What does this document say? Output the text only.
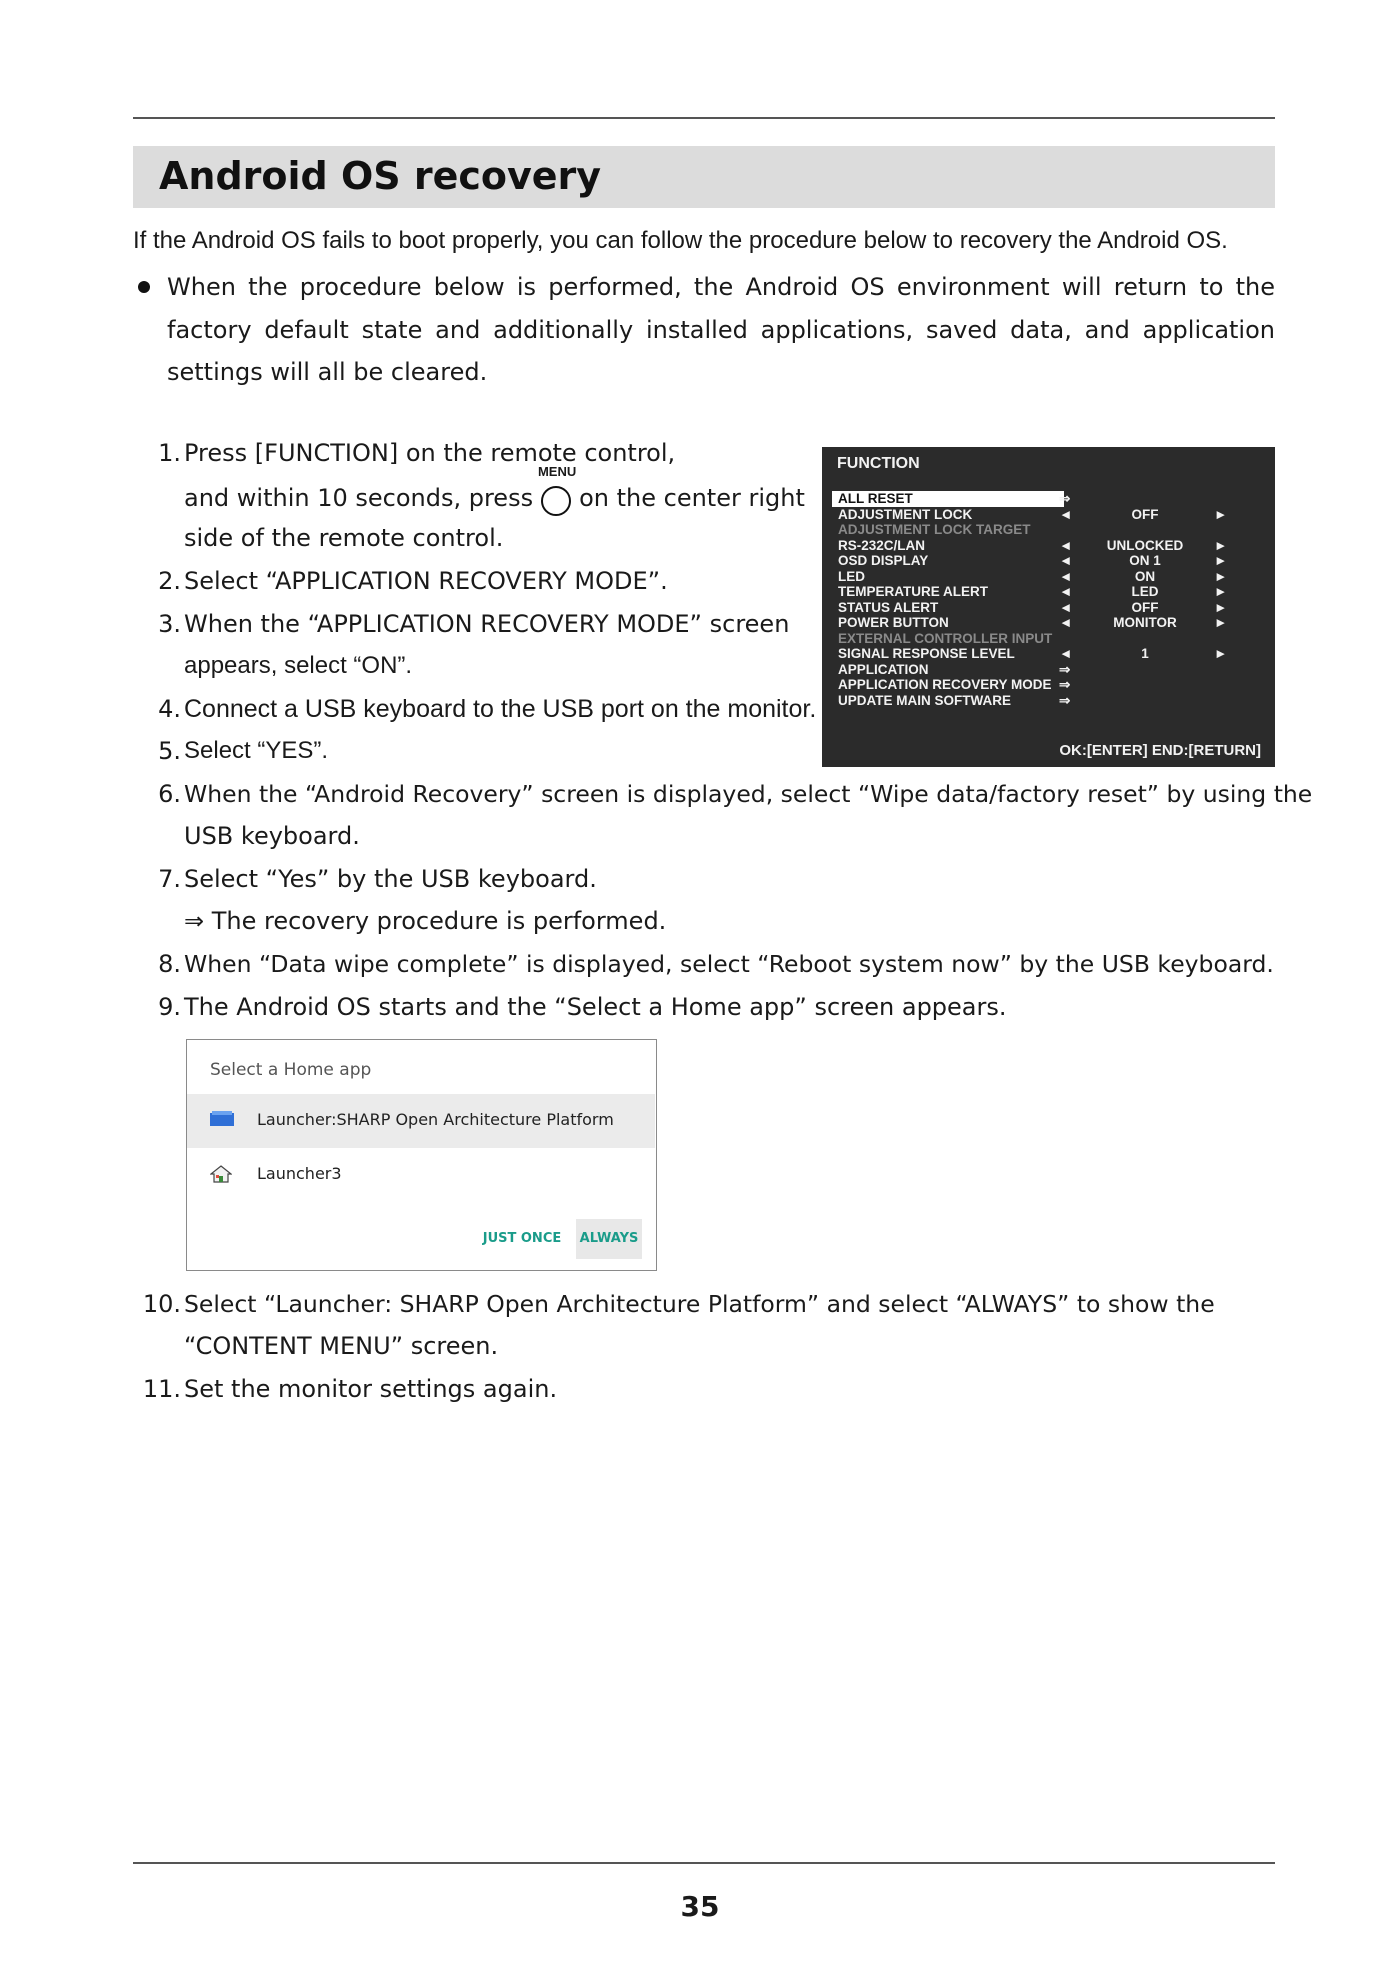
Android OS recovery
If the Android OS fails to boot properly, you can follow the procedure below to recovery the Android OS.
When the procedure below is performed, the Android OS environment will return to the factory default state and additionally installed applications, saved data, and application settings will all be cleared.
1. Press [FUNCTION] on the remote control,
and within 10 seconds, press
MENU
on the center right
side of the remote control.
2. Select “APPLICATION RECOVERY MODE”.
3. When the “APPLICATION RECOVERY MODE” screen
appears, select “ON”.
4. Connect a USB keyboard to the USB port on the monitor.
5. Select “YES”.
6. When the “Android Recovery” screen is displayed, select “Wipe data/factory reset” by using the
USB keyboard.
7. Select “Yes” by the USB keyboard.
⇒ The recovery procedure is performed.
8. When “Data wipe complete” is displayed, select “Reboot system now” by the USB keyboard.
9. The Android OS starts and the “Select a Home app” screen appears.
10. Select “Launcher: SHARP Open Architecture Platform” and select “ALWAYS” to show the
“CONTENT MENU” screen.
11. Set the monitor settings again.
FUNCTION
ALL RESET	⇒
ADJUSTMENT LOCK	◄	OFF	►
ADJUSTMENT LOCK TARGET
RS-232C/LAN	◄	UNLOCKED	►
OSD DISPLAY	◄	ON 1	►
LED	◄	ON	►
TEMPERATURE ALERT	◄	LED	►
STATUS ALERT	◄	OFF	►
POWER BUTTON	◄	MONITOR	►
EXTERNAL CONTROLLER INPUT
SIGNAL RESPONSE LEVEL	◄	1	►
APPLICATION	⇒
APPLICATION RECOVERY MODE ⇒
UPDATE MAIN SOFTWARE	⇒
OK:[ENTER] END:[RETURN]
Select a Home app
Launcher:SHARP Open Architecture Platform
Launcher3
JUST ONCE	ALWAYS
35
